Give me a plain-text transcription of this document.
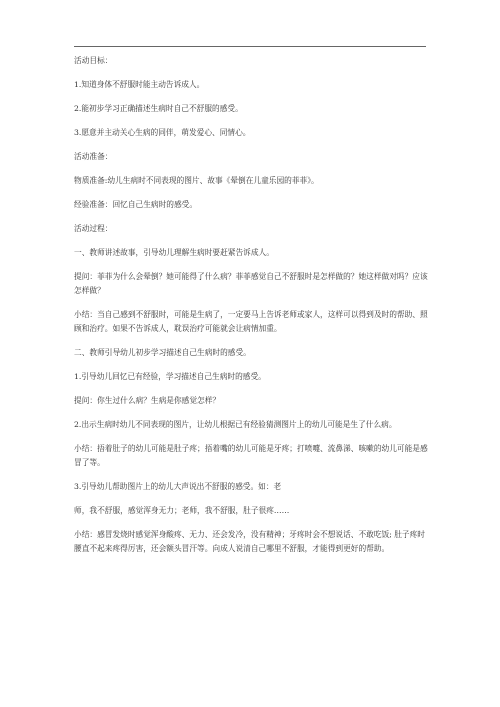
活动目标：

1.知道身体不舒服时能主动告诉成人。

2.能初步学习正确描述生病时自己不舒服的感受。

3.愿意并主动关心生病的同伴，萌发爱心、同情心。

活动准备：

物质准备:幼儿生病时不同表现的图片、故事《晕倒在儿童乐园的菲菲》。

经验准备：回忆自己生病时的感受。

活动过程：

一、教师讲述故事，引导幼儿理解生病时要赶紧告诉成人。

提问：菲菲为什么会晕倒？她可能得了什么病？菲菲感觉自己不舒服时是怎样做的？她这样做对吗？应该怎样做？

小结：当自己感到不舒服时，可能是生病了，一定要马上告诉老师或家人，这样可以得到及时的帮助、照顾和治疗。如果不告诉成人，耽误治疗可能就会让病情加重。

二、教师引导幼儿初步学习描述自己生病时的感受。

1.引导幼儿回忆已有经验，学习描述自己生病时的感受。

提问：你生过什么病？生病是你感觉怎样？

2.出示生病时幼儿不同表现的图片，让幼儿根据已有经验猜测图片上的幼儿可能是生了什么病。

小结：捂着肚子的幼儿可能是肚子疼；捂着嘴的幼儿可能是牙疼；打喷嚏、流鼻涕、咳嗽的幼儿可能是感冒了等。

3.引导幼儿帮助图片上的幼儿大声说出不舒服的感受。如：老

师，我不舒服，感觉浑身无力；老师，我不舒服，肚子很疼……

小结：感冒发烧时感觉浑身酸疼、无力、还会发冷，没有精神；牙疼时会不想说话、不敢吃饭; 肚子疼时腰直不起来疼得厉害，还会额头冒汗等。向成人说清自己哪里不舒服，才能得到更好的帮助。
